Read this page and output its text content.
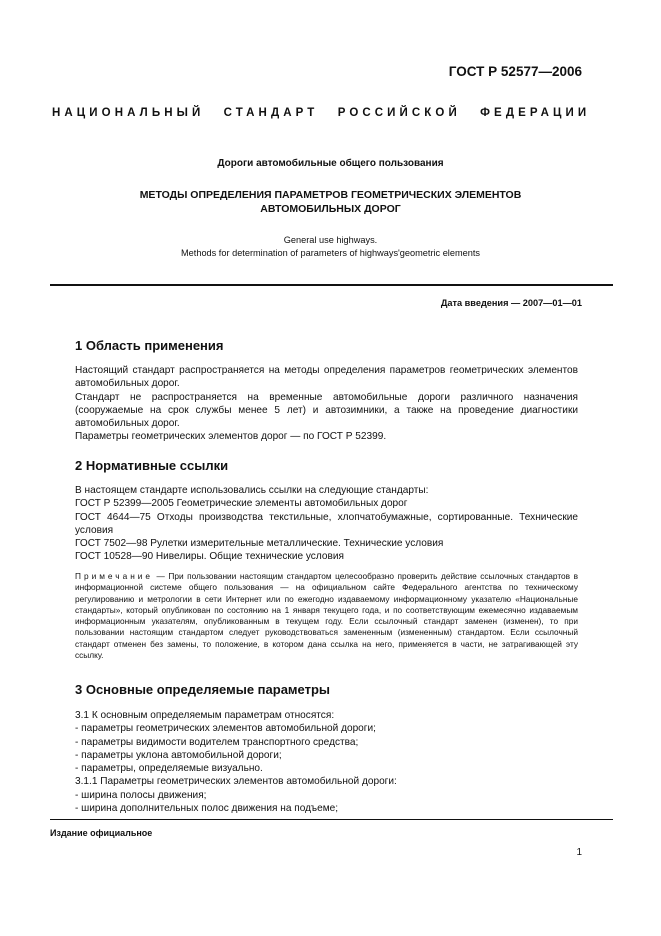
ГОСТ Р 52577—2006
НАЦИОНАЛЬНЫЙ СТАНДАРТ РОССИЙСКОЙ ФЕДЕРАЦИИ
Дороги автомобильные общего пользования
МЕТОДЫ ОПРЕДЕЛЕНИЯ ПАРАМЕТРОВ ГЕОМЕТРИЧЕСКИХ ЭЛЕМЕНТОВ
АВТОМОБИЛЬНЫХ ДОРОГ
General use highways.
Methods for determination of parameters of highways'geometric elements
Дата введения — 2007—01—01
1 Область применения

Настоящий стандарт распространяется на методы определения параметров геометрических элементов автомобильных дорог.

Стандарт не распространяется на временные автомобильные дороги различного назначения (сооружаемые на срок службы менее 5 лет) и автозимники, а также на проведение диагностики автомобильных дорог.

Параметры геометрических элементов дорог — по ГОСТ Р 52399.

2 Нормативные ссылки

В настоящем стандарте использовались ссылки на следующие стандарты:

ГОСТ Р 52399—2005 Геометрические элементы автомобильных дорог

ГОСТ 4644—75 Отходы производства текстильные, хлопчатобумажные, сортированные. Технические условия

ГОСТ 7502—98 Рулетки измерительные металлические. Технические условия

ГОСТ 10528—90 Нивелиры. Общие технические условия

Примечание — При пользовании настоящим стандартом целесообразно проверить действие ссылочных стандартов в информационной системе общего пользования — на официальном сайте Федерального агентства по техническому регулированию и метрологии в сети Интернет или по ежегодно издаваемому информационному указателю «Национальные стандарты», который опубликован по состоянию на 1 января текущего года, и по соответствующим ежемесячно издаваемым информационным указателям, опубликованным в текущем году. Если ссылочный стандарт заменен (изменен), то при пользовании настоящим стандартом следует руководствоваться замененным (измененным) стандартом. Если ссылочный стандарт отменен без замены, то положение, в котором дана ссылка на него, применяется в части, не затрагивающей эту ссылку.
3 Основные определяемые параметры
3.1 К основным определяемым параметрам относятся:
- параметры геометрических элементов автомобильной дороги;
- параметры видимости водителем транспортного средства;
- параметры уклона автомобильной дороги;
- параметры, определяемые визуально.
3.1.1 Параметры геометрических элементов автомобильной дороги:
- ширина полосы движения;
- ширина дополнительных полос движения на подъеме;
Издание официальное
1
